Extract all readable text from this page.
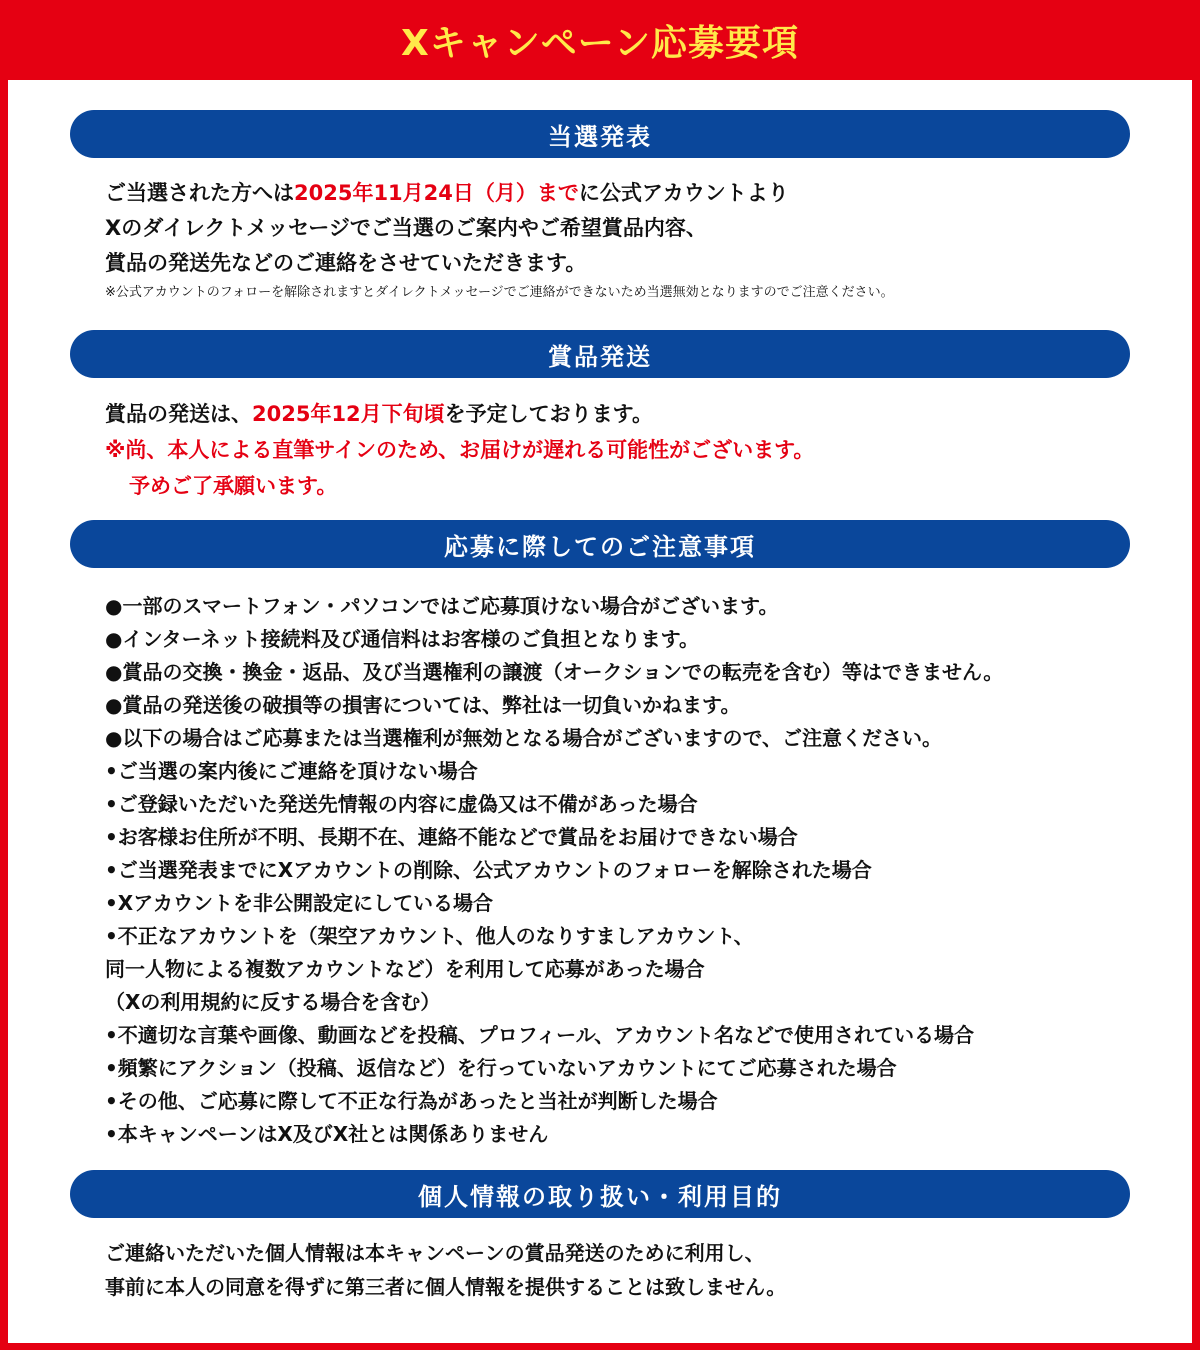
Xキャンペーン応募要項
当選発表
ご当選された方へは2025年11月24日（月）までに公式アカウントより
Xのダイレクトメッセージでご当選のご案内やご希望賞品内容、
賞品の発送先などのご連絡をさせていただきます。
※公式アカウントのフォローを解除されますとダイレクトメッセージでご連絡ができないため当選無効となりますのでご注意ください。
賞品発送
賞品の発送は、2025年12月下旬頃を予定しております。
※尚、本人による直筆サインのため、お届けが遅れる可能性がございます。
予めご了承願います。
応募に際してのご注意事項
●一部のスマートフォン・パソコンではご応募頂けない場合がございます。
●インターネット接続料及び通信料はお客様のご負担となります。
●賞品の交換・換金・返品、及び当選権利の譲渡（オークションでの転売を含む）等はできません。
●賞品の発送後の破損等の損害については、弊社は一切負いかねます。
●以下の場合はご応募または当選権利が無効となる場合がございますので、ご注意ください。
•ご当選の案内後にご連絡を頂けない場合
•ご登録いただいた発送先情報の内容に虚偽又は不備があった場合
•お客様お住所が不明、長期不在、連絡不能などで賞品をお届けできない場合
•ご当選発表までにXアカウントの削除、公式アカウントのフォローを解除された場合
•Xアカウントを非公開設定にしている場合
•不正なアカウントを（架空アカウント、他人のなりすましアカウント、
同一人物による複数アカウントなど）を利用して応募があった場合
（Xの利用規約に反する場合を含む）
•不適切な言葉や画像、動画などを投稿、プロフィール、アカウント名などで使用されている場合
•頻繁にアクション（投稿、返信など）を行っていないアカウントにてご応募された場合
•その他、ご応募に際して不正な行為があったと当社が判断した場合
•本キャンペーンはX及びX社とは関係ありません
個人情報の取り扱い・利用目的
ご連絡いただいた個人情報は本キャンペーンの賞品発送のために利用し、
事前に本人の同意を得ずに第三者に個人情報を提供することは致しません。
